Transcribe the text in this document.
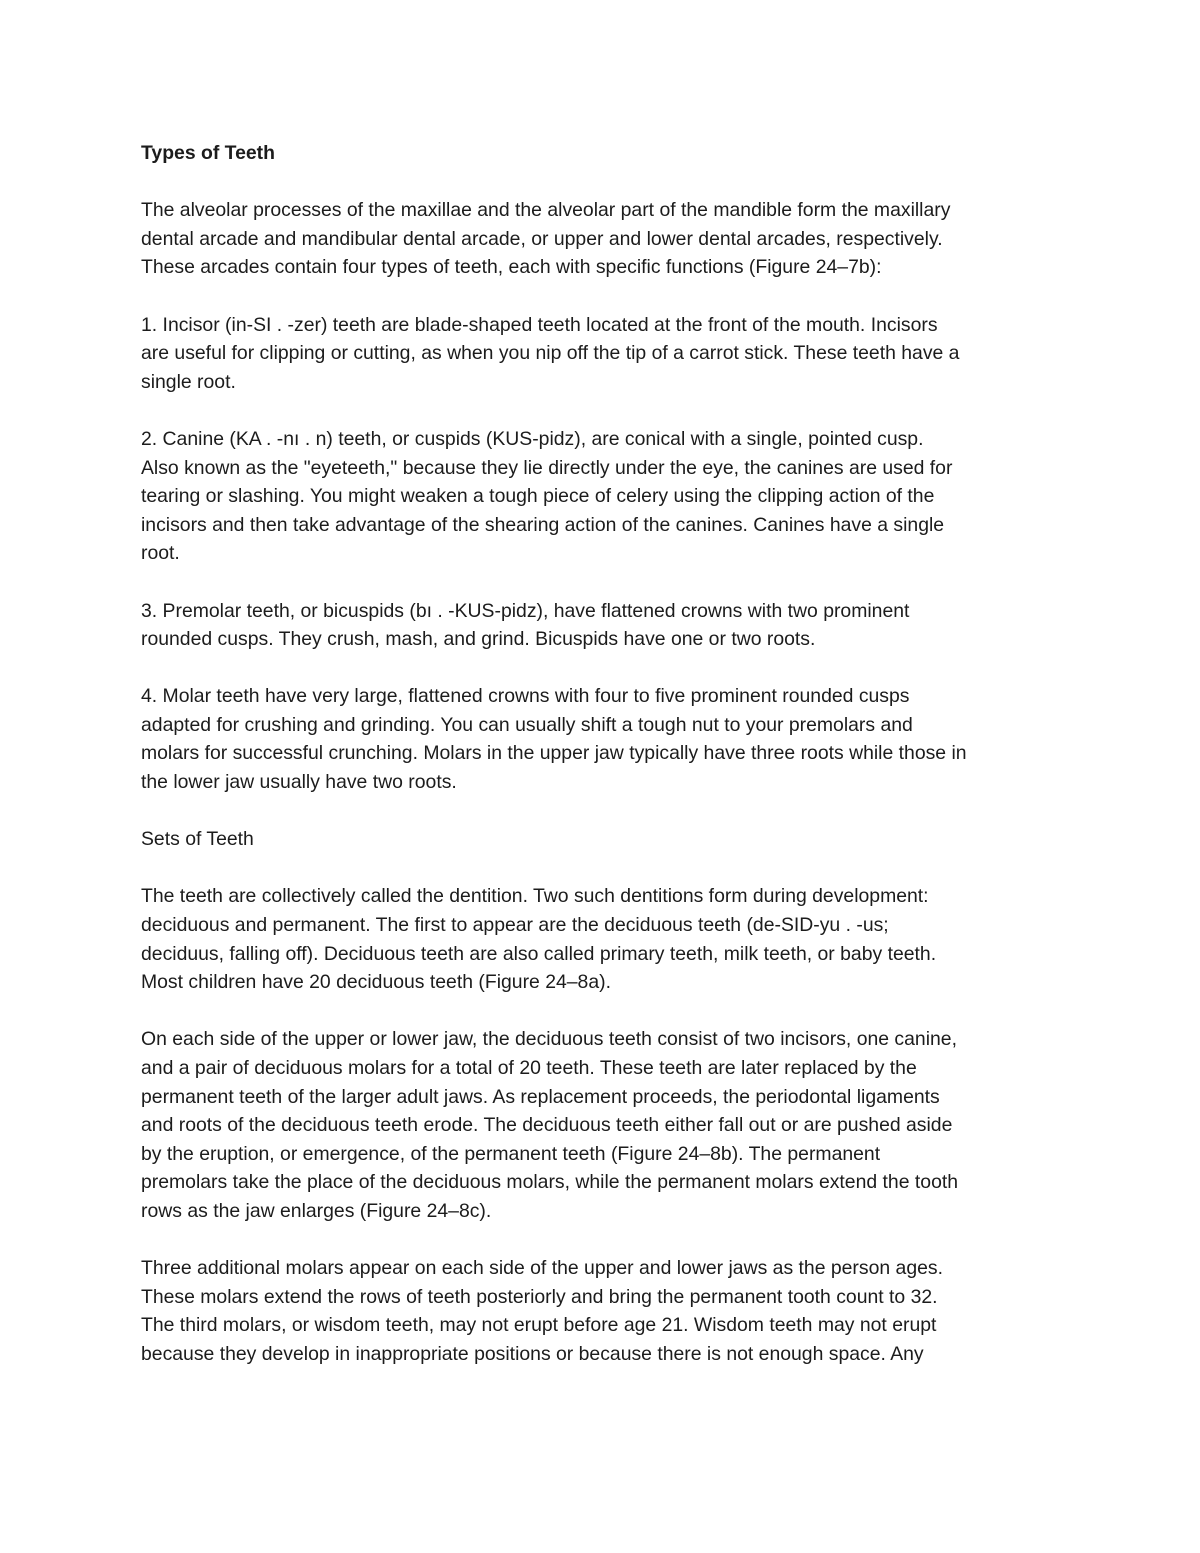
Types of Teeth

The alveolar processes of the maxillae and the alveolar part of the mandible form the maxillary
dental arcade and mandibular dental arcade, or upper and lower dental arcades, respectively.
These arcades contain four types of teeth, each with specific functions (Figure 24–7b):

1. Incisor (in-SI . -zer) teeth are blade-shaped teeth located at the front of the mouth. Incisors
are useful for clipping or cutting, as when you nip off the tip of a carrot stick. These teeth have a
single root.

2. Canine (KA . -nı . n) teeth, or cuspids (KUS-pidz), are conical with a single, pointed cusp.
Also known as the "eyeteeth," because they lie directly under the eye, the canines are used for
tearing or slashing. You might weaken a tough piece of celery using the clipping action of the
incisors and then take advantage of the shearing action of the canines. Canines have a single
root.

3. Premolar teeth, or bicuspids (bı . -KUS-pidz), have flattened crowns with two prominent
rounded cusps. They crush, mash, and grind. Bicuspids have one or two roots.

4. Molar teeth have very large, flattened crowns with four to five prominent rounded cusps
adapted for crushing and grinding. You can usually shift a tough nut to your premolars and
molars for successful crunching. Molars in the upper jaw typically have three roots while those in
the lower jaw usually have two roots.

Sets of Teeth

The teeth are collectively called the dentition. Two such dentitions form during development:
deciduous and permanent. The first to appear are the deciduous teeth (de-SID-yu . -us;
deciduus, falling off). Deciduous teeth are also called primary teeth, milk teeth, or baby teeth.
Most children have 20 deciduous teeth (Figure 24–8a).

On each side of the upper or lower jaw, the deciduous teeth consist of two incisors, one canine,
and a pair of deciduous molars for a total of 20 teeth. These teeth are later replaced by the
permanent teeth of the larger adult jaws. As replacement proceeds, the periodontal ligaments
and roots of the deciduous teeth erode. The deciduous teeth either fall out or are pushed aside
by the eruption, or emergence, of the permanent teeth (Figure 24–8b). The permanent
premolars take the place of the deciduous molars, while the permanent molars extend the tooth
rows as the jaw enlarges (Figure 24–8c).

Three additional molars appear on each side of the upper and lower jaws as the person ages.
These molars extend the rows of teeth posteriorly and bring the permanent tooth count to 32.
The third molars, or wisdom teeth, may not erupt before age 21. Wisdom teeth may not erupt
because they develop in inappropriate positions or because there is not enough space. Any
